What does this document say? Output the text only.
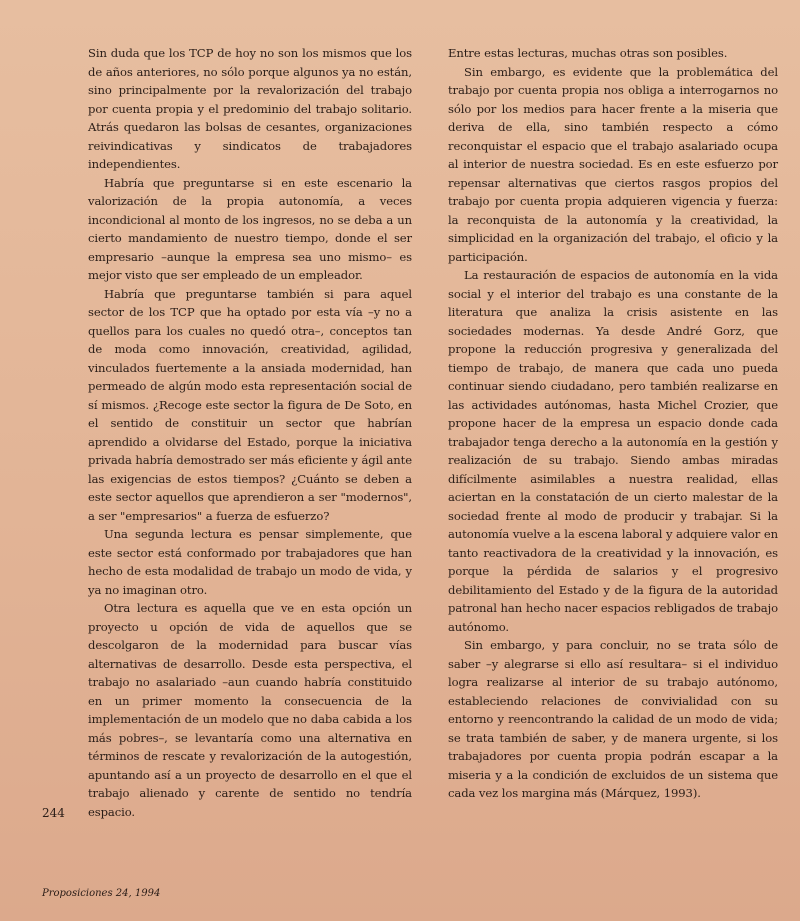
Sin duda que los TCP de hoy no son los mismos que los de años anteriores, no sólo porque algunos ya no están, sino principalmente por la revalorización del trabajo por cuenta propia y el predominio del trabajo solitario. Atrás quedaron las bolsas de cesantes, organizaciones reivindicativas y sindicatos de trabajadores independientes.

Habría que preguntarse si en este escenario la valorización de la propia autonomía, a veces incondicional al monto de los ingresos, no se deba a un cierto mandamiento de nuestro tiempo, donde el ser empresario –aunque la empresa sea uno mismo– es mejor visto que ser empleado de un empleador.

Habría que preguntarse también si para aquel sector de los TCP que ha optado por esta vía –y no a quellos para los cuales no quedó otra–, conceptos tan de moda como innovación, creatividad, agilidad, vinculados fuertemente a la ansiada modernidad, han permeado de algún modo esta representación social de sí mismos. ¿Recoge este sector la figura de De Soto, en el sentido de constituir un sector que habrían aprendido a olvidarse del Estado, porque la iniciativa privada habría demostrado ser más eficiente y ágil ante las exigencias de estos tiempos? ¿Cuánto se deben a este sector aquellos que aprendieron a ser "modernos", a ser "empresarios" a fuerza de esfuerzo?

Una segunda lectura es pensar simplemente, que este sector está conformado por trabajadores que han hecho de esta modalidad de trabajo un modo de vida, y ya no imaginan otro.

Otra lectura es aquella que ve en esta opción un proyecto u opción de vida de aquellos que se descolgaron de la modernidad para buscar vías alternativas de desarrollo. Desde esta perspectiva, el trabajo no asalariado –aun cuando habría constituido en un primer momento la consecuencia de la implementación de un modelo que no daba cabida a los más pobres–, se levantaría como una alternativa en términos de rescate y revalorización de la autogestión, apuntando así a un proyecto de desarrollo en el que el trabajo alienado y carente de sentido no tendría espacio.

Entre estas lecturas, muchas otras son posibles.

Sin embargo, es evidente que la problemática del trabajo por cuenta propia nos obliga a interrogarnos no sólo por los medios para hacer frente a la miseria que deriva de ella, sino también respecto a cómo reconquistar el espacio que el trabajo asalariado ocupa al interior de nuestra sociedad. Es en este esfuerzo por repensar alternativas que ciertos rasgos propios del trabajo por cuenta propia adquieren vigencia y fuerza: la reconquista de la autonomía y la creatividad, la simplicidad en la organización del trabajo, el oficio y la participación.

La restauración de espacios de autonomía en la vida social y el interior del trabajo es una constante de la literatura que analiza la crisis asistente en las sociedades modernas. Ya desde André Gorz, que propone la reducción progresiva y generalizada del tiempo de trabajo, de manera que cada uno pueda continuar siendo ciudadano, pero también realizarse en las actividades autónomas, hasta Michel Crozier, que propone hacer de la empresa un espacio donde cada trabajador tenga derecho a la autonomía en la gestión y realización de su trabajo. Siendo ambas miradas difícilmente asimilables a nuestra realidad, ellas aciertan en la constatación de un cierto malestar de la sociedad frente al modo de producir y trabajar. Si la autonomía vuelve a la escena laboral y adquiere valor en tanto reactivadora de la creatividad y la innovación, es porque la pérdida de salarios y el progresivo debilitamiento del Estado y de la figura de la autoridad patronal han hecho nacer espacios rebligados de trabajo autónomo.

Sin embargo, y para concluir, no se trata sólo de saber –y alegrarse si ello así resultara– si el individuo logra realizarse al interior de su trabajo autónomo, estableciendo relaciones de convivialidad con su entorno y reencontrando la calidad de un modo de vida; se trata también de saber, y de manera urgente, si los trabajadores por cuenta propia podrán escapar a la miseria y a la condición de excluidos de un sistema que cada vez los margina más (Márquez, 1993).

244
Proposiciones 24, 1994
